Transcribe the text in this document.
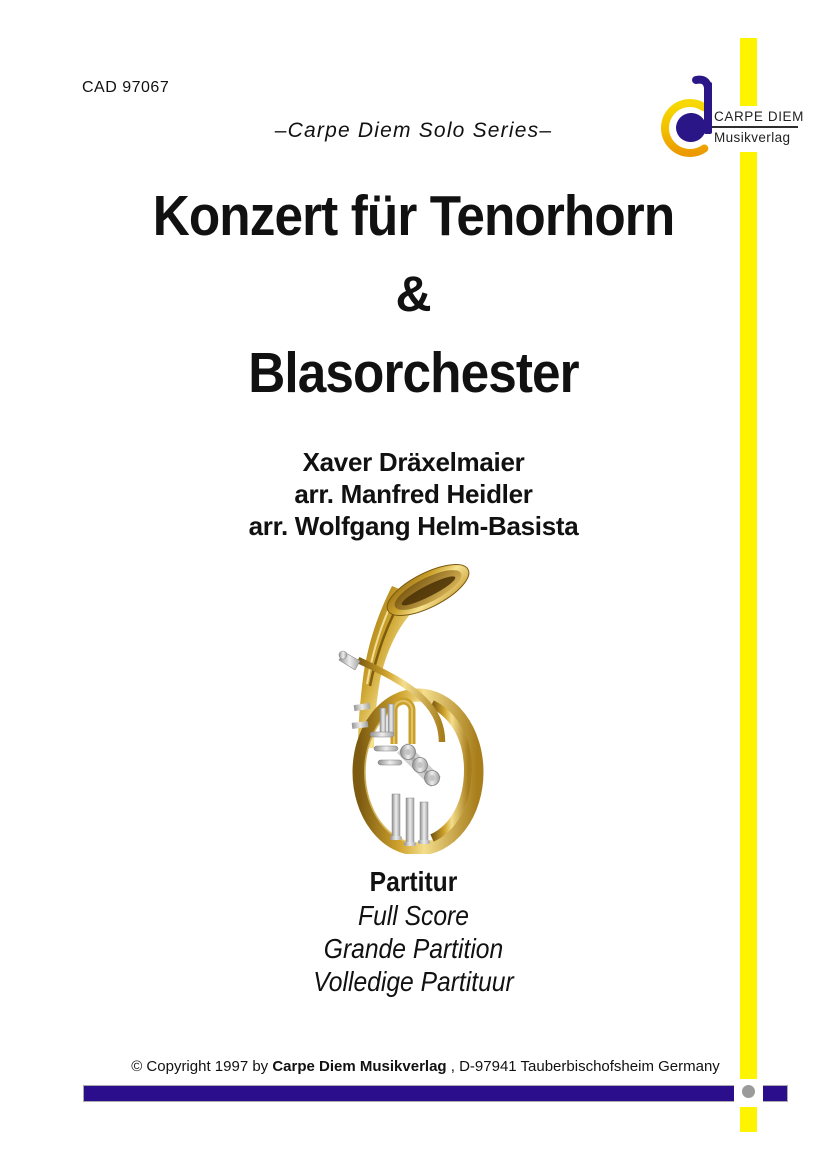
CAD 97067
CARPE DIEM
Musikverlag
–Carpe Diem Solo Series–
Konzert für Tenorhorn
&
Blasorchester
Xaver Dräxelmaier
arr. Manfred Heidler
arr. Wolfgang Helm-Basista
Partitur
Full Score
Grande Partition
Volledige Partituur
© Copyright 1997 by Carpe Diem Musikverlag , D-97941 Tauberbischofsheim Germany
